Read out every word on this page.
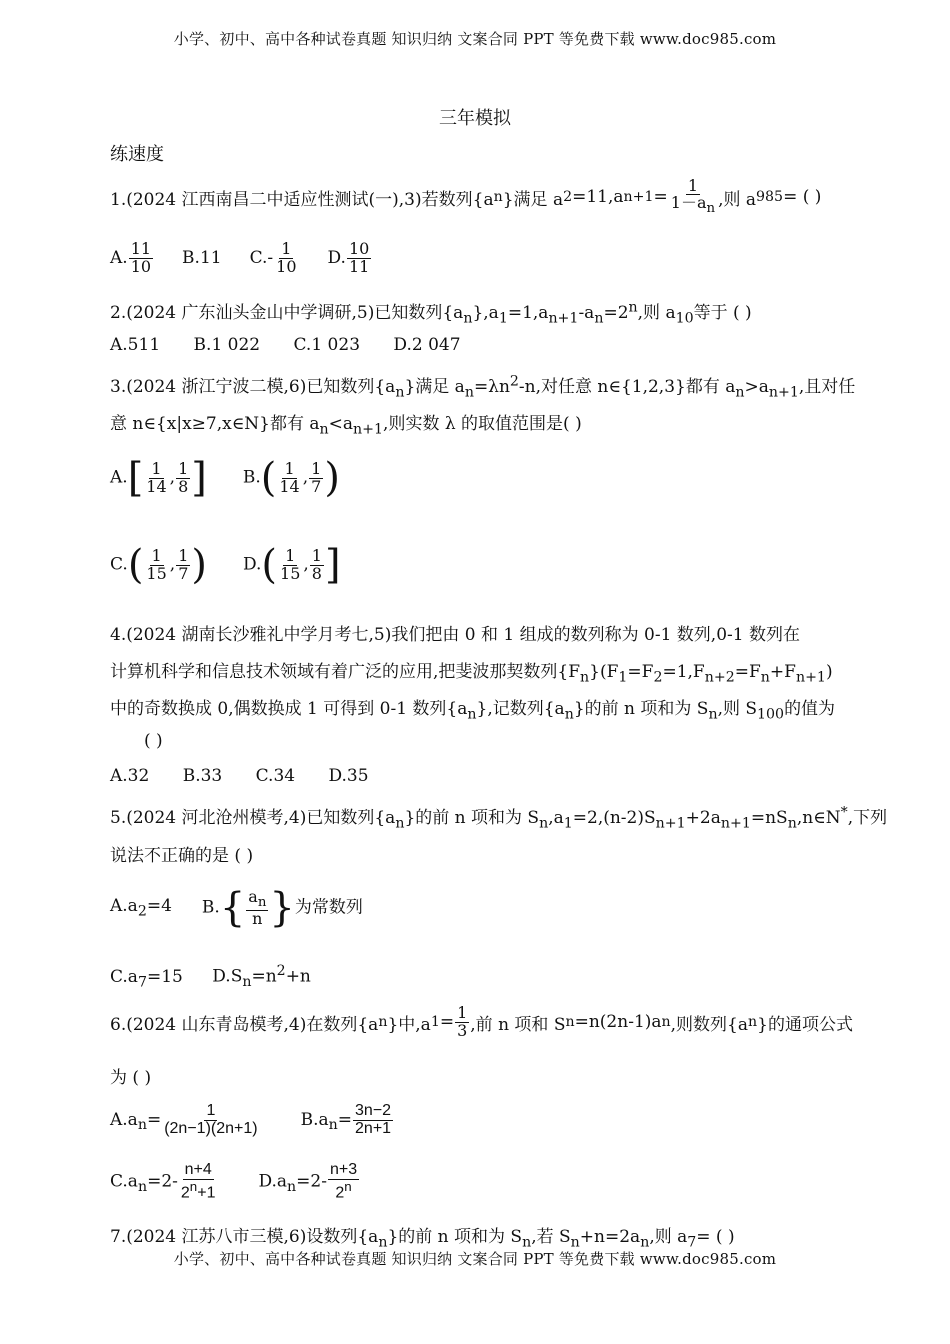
小学、初中、高中各种试卷真题 知识归纳 文案合同 PPT 等免费下载 www.doc985.com
三年模拟
练速度
1.(2024 江西南昌二中适应性测试(一),3)若数列{a n }满足 a 2 =11,a $n+1 = \frac{1}{1-a_n}$ ,则 a 985 = ( )
A. $\frac{11}{10} B.11$ $C.- \frac{1}{10} D$. $\frac{10}{11}$
2.(2024 广东汕头金山中学调研,5)已知数列$\{a_n\},a_1=1,a_{n+1}-a_n=2^n$,则 $a_{10}$等于 ( )
A.511 B.1 022 C.1 023 D.2 047
3.(2024 浙江宁波二模,6)已知数列$\{a_n\}$满足 $a_n=\lambda n^2-n$,对任意 n∈{1,2,3}都有 $a_n>a_{n+1}$,且对任
意 n∈{x|x≥7,x∈N}都有 $a_n<a_{n+1}$,则实数 λ 的取值范围是( )
$A.[ \frac{1}{14}$ , $\frac{1}{8}$ ] $B.( \frac{1}{14}$ , $\frac{1}{7}$ )
$C.( \frac{1}{15}$ , $\frac{1}{7}$ ) $D.( \frac{1}{15}$ , $\frac{1}{8}$ ]
4.(2024 湖南长沙雅礼中学月考七,5)我们把由 0 和 1 组成的数列称为 0-1 数列,0-1 数列在
计算机科学和信息技术领域有着广泛的应用,把斐波那契数列$\{F_n\}(F_1=F_2=1,F_{n+2}=F_n+F_{n+1})$
中的奇数换成 0,偶数换成 1 可得到 0-1 数列$\{a_n\}$,记数列$\{a_n\}$的前 n 项和为 $S_n$,则 $S_{100}$的值为
( )
A.32 B.33 C.34 D.35
5.(2024 河北沧州模考,4)已知数列$\{a_n\}$的前 n 项和为 $S_n,a_1=2,(n-2)S_{n+1}+2a_{n+1}=nS_n,n\in N^*$,下列
说法不正确的是 ( )
$A.a_2=4$ $B.\{ \frac{a_n}{n}$ }为常数列
$C.a_7=15$ $D.S_n=n^2+n$
6.(2024 山东青岛模考,4)在数列{a n }中,a $1 = \frac{1}{3}$ ,前 n 项和 S n =n(2n-1)a n ,则数列{a n }的通项公式
为 ( )
$A.a_n= \frac{1}{(2n-1)(2n+1)} B.a_n= \frac{3n-2}{2n+1}$
$C.a_n=2- \frac{n+4}{2^n+1} D.a_n=2- \frac{n+3}{2^n}$
7.(2024 江苏八市三模,6)设数列$\{a_n\}$的前 n 项和为 $S_n$,若 $S_n+n=2a_n$,则 $a_7=$ ( )
小学、初中、高中各种试卷真题 知识归纳 文案合同 PPT 等免费下载 www.doc985.com
